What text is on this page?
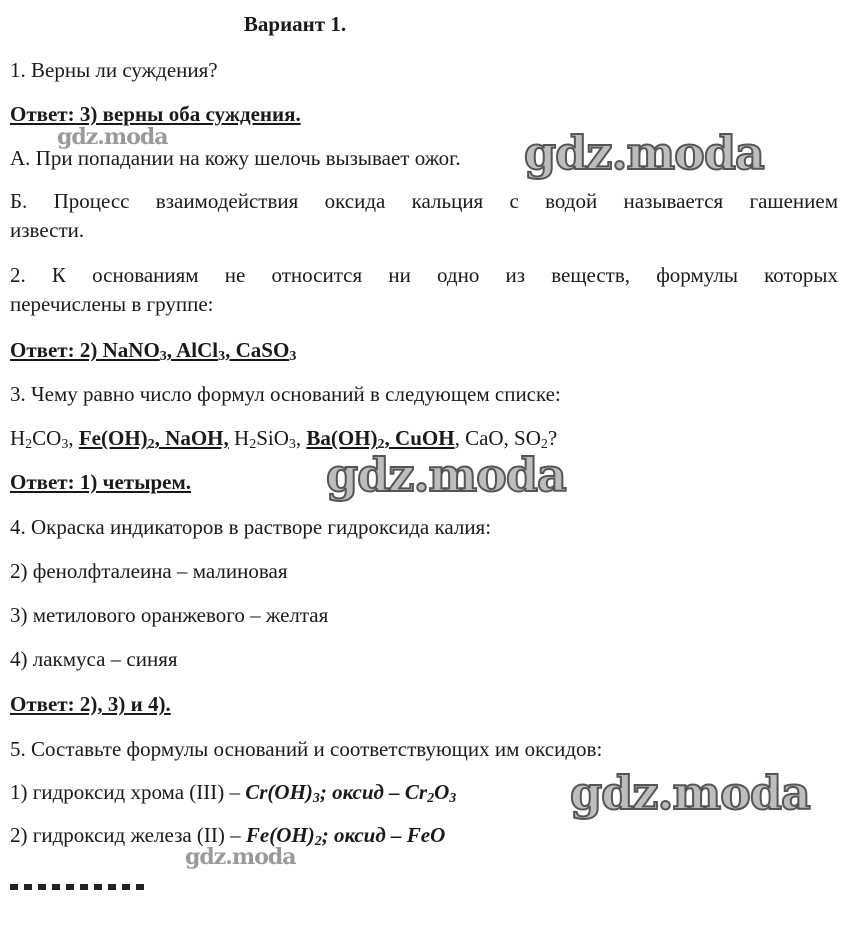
Вариант 1.
1. Верны ли суждения?
Ответ: 3) верны оба суждения.
А. При попадании на кожу шелочь вызывает ожог.
Б. Процесс взаимодействия оксида кальция с водой называется гашением
извести.
2. К основаниям не относится ни одно из веществ, формулы которых
перечислены в группе:
Ответ: 2) NaNO$_3$, AlCl$_3$, CaSO$_3$
3. Чему равно число формул оснований в следующем списке:
$H_2CO_3$, $Fe(OH)_2$, NaOH, $H_2SiO_3$, $Ba(OH)_2$, CuOH, CaO, $SO_2$?
Ответ: 1) четырем.
4. Окраска индикаторов в растворе гидроксида калия:
2) фенолфталеина – малиновая
3) метилового оранжевого – желтая
4) лакмуса – синяя
Ответ: 2), 3) и 4).
5. Составьте формулы оснований и соответствующих им оксидов:
1) гидроксид хрома $(III) - Cr(OH)_3$; оксид – $Cr_2O_3$
2) гидроксид железа $(II) - Fe(OH)_2$; оксид – FeO
gdz.moda	gdz.moda
gdz.moda
gdz.moda
gdz.moda
